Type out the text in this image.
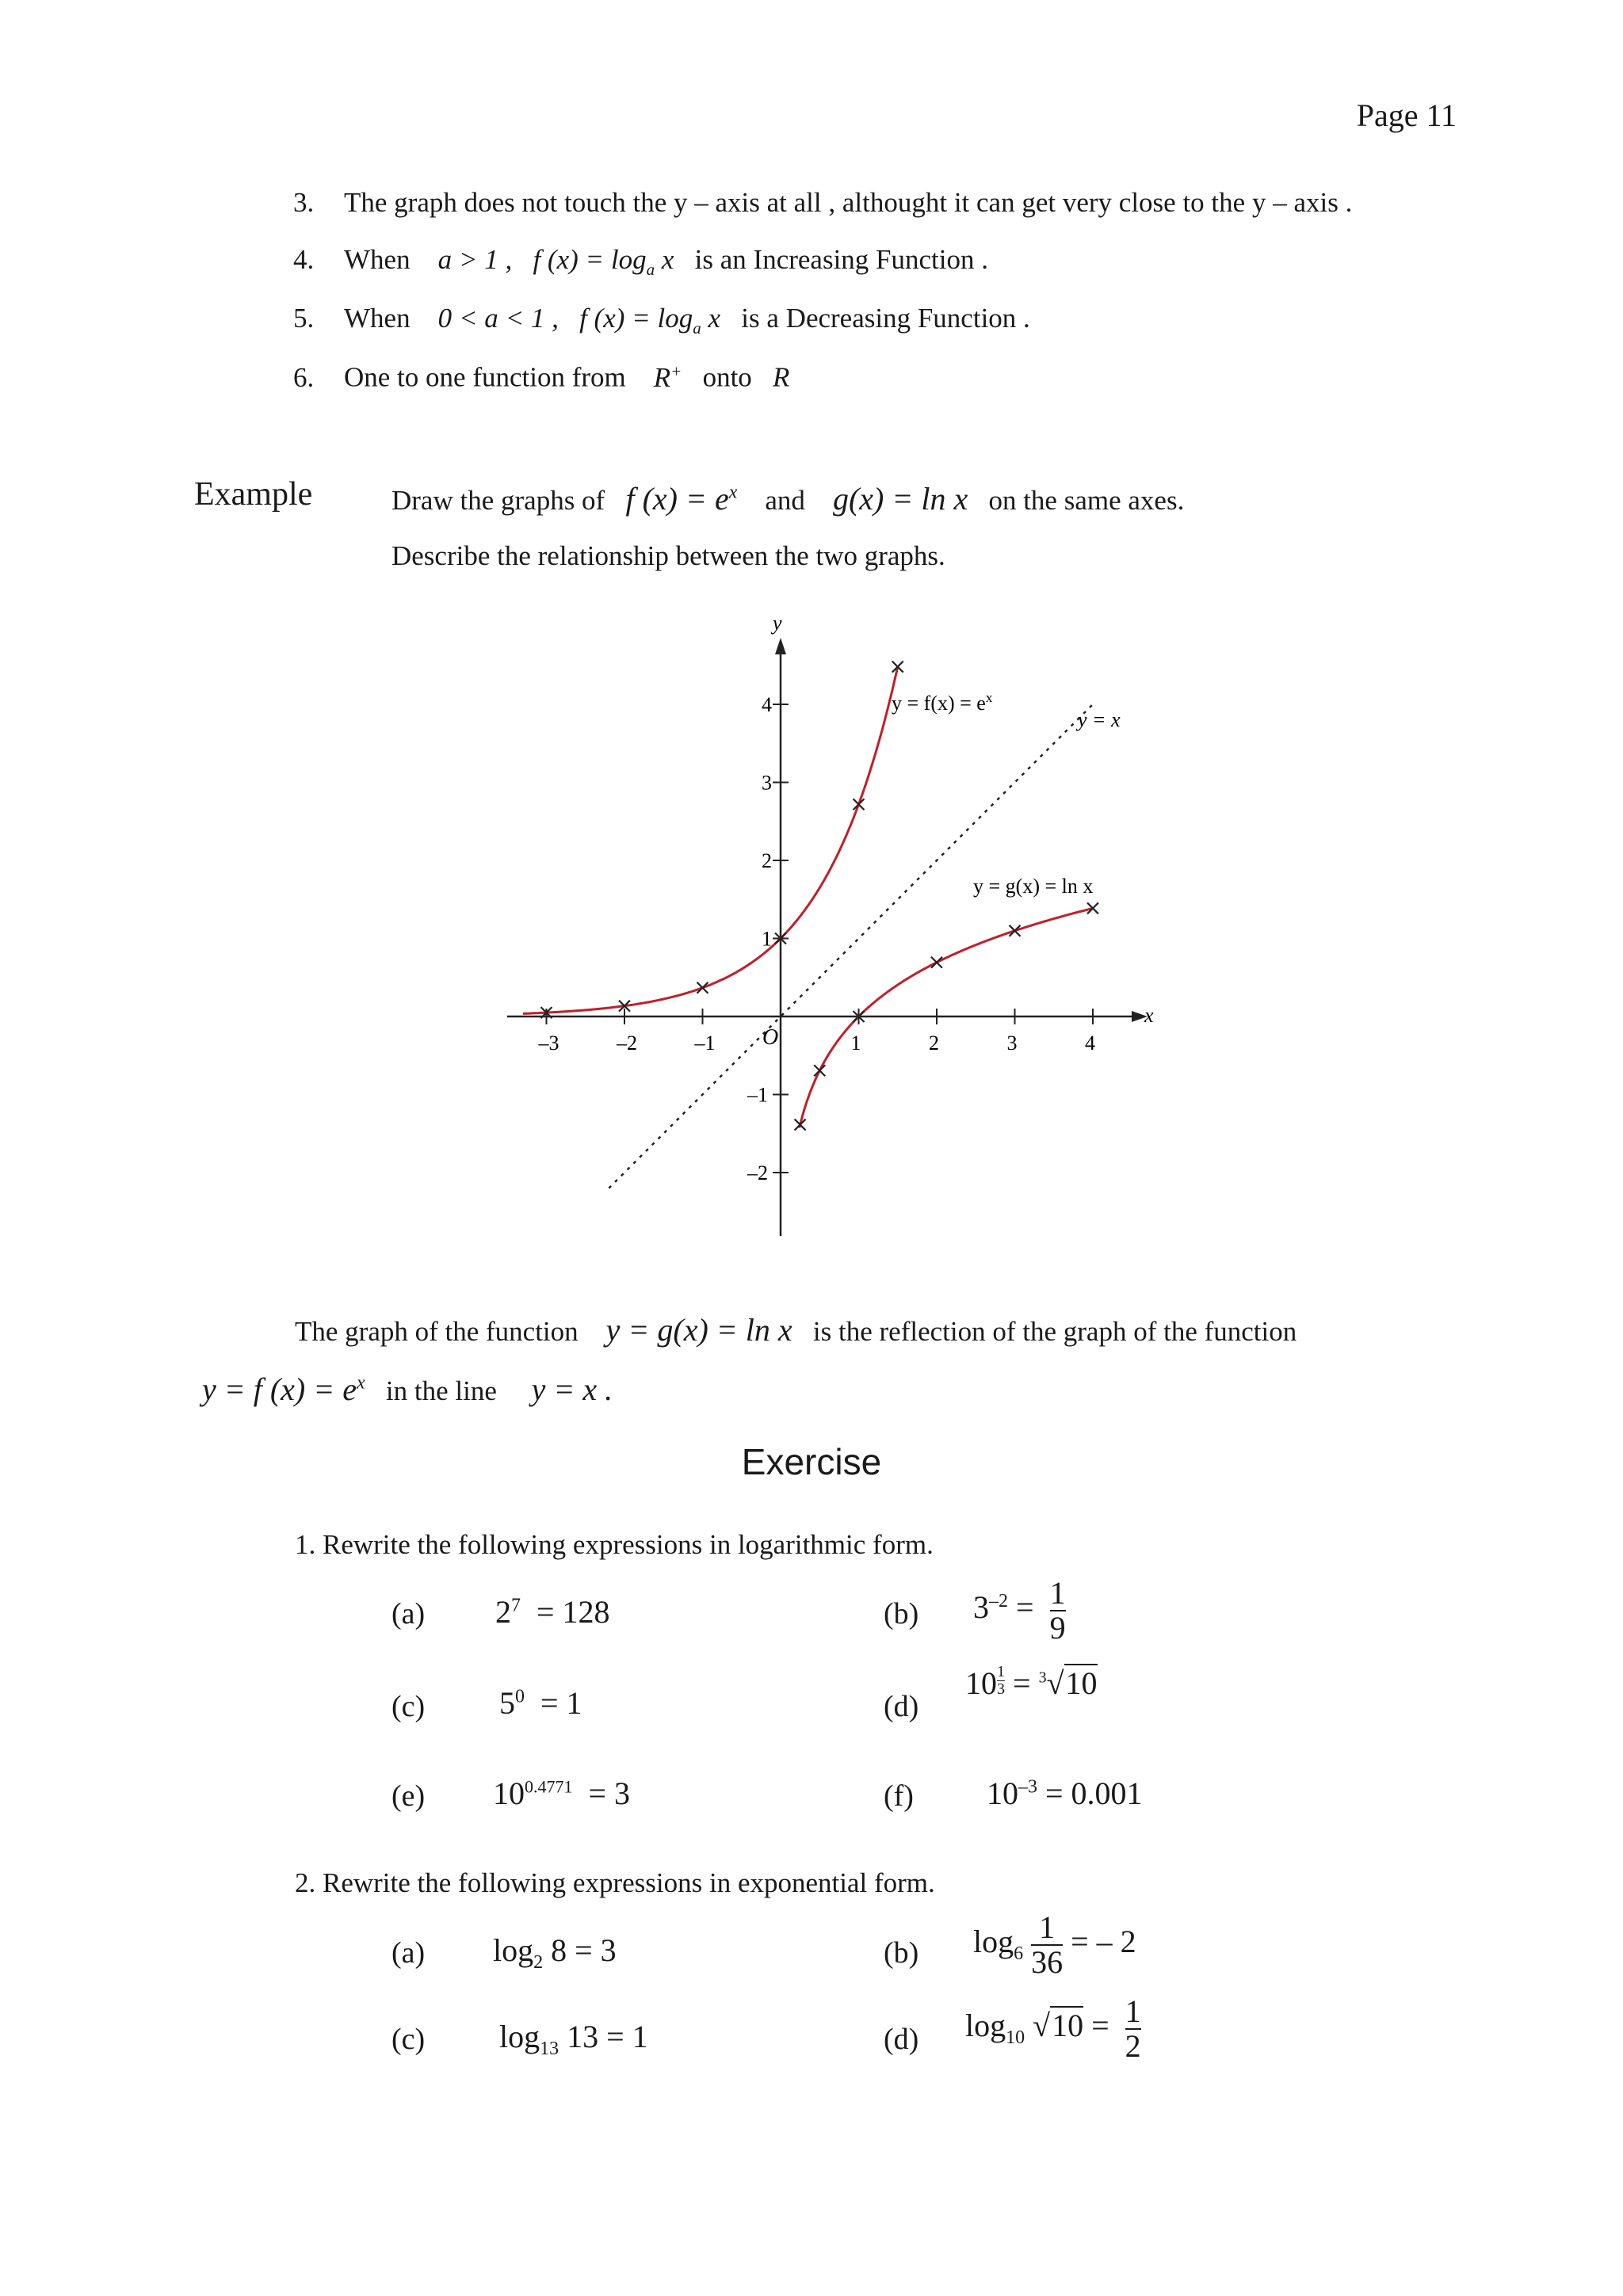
Page 11
3. The graph does not touch the y – axis at all , althought it can get very close to the y – axis .
4. When a > 1 , f $(x) = \log_a x$ is an Increasing Function .
5. When 0 < a < 1 , f $(x) = \log_a x$ is a Decreasing Function .
6. One to one function from R+ onto R
Example	Draw the graphs of f $(x) = e^x$ and g(x) = ln x on the same axes.
Describe the relationship between the two graphs.
–3	–2	–1	1	2	3	4
4
3
2
1
–1
–2
y
x
O
$y = f(x) = e^x$
y = g(x) = ln x
y = x
The graph of the function y = g(x) = ln x is the reflection of the graph of the function
y = f $(x) = e^x$ in the line y = x .
Exercise
1. Rewrite the following expressions in logarithmic form.
(a) $2^7 = 128$	(b) $3^{-2} = \frac{1}{9}$
(c) $5^0 = 1$	(d)
$10 \frac{1}{3} = ^3√10$
(e) $10^{0.4771} = 3$	(f) $10^{-3} = 0.001$
2. Rewrite the following expressions in exponential form.
(a) $\log_2 8 = 3$	(b) $\log_6 \frac{1}{36}$ = – 2
(c) $\log_{13} 13 = 1$	(d) $\log_{10} √10 = \frac{1}{2}$
